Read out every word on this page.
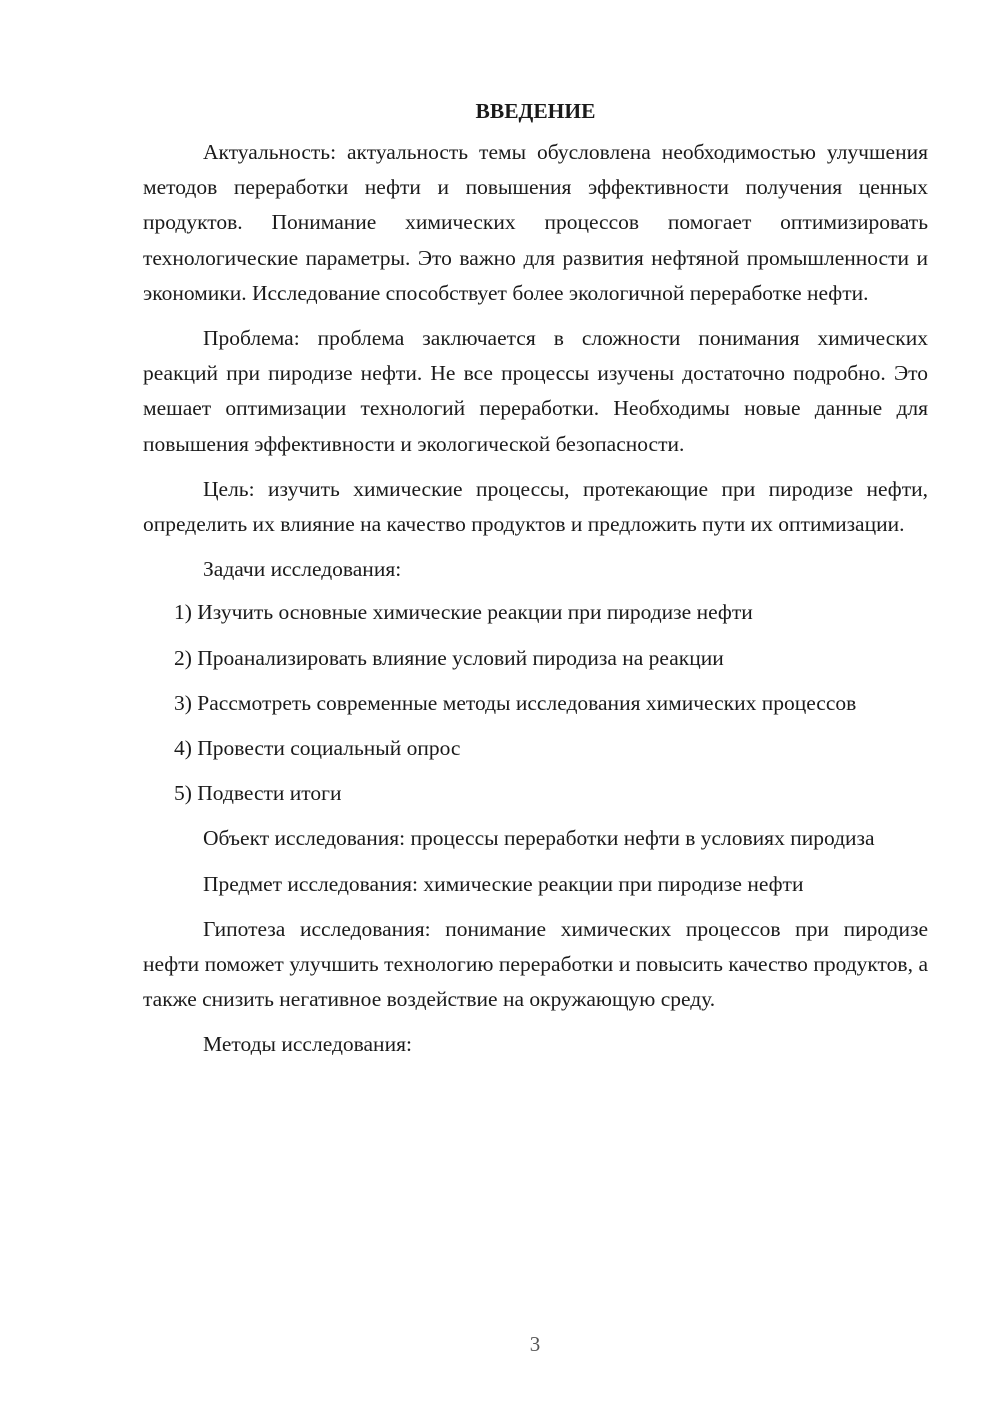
ВВЕДЕНИЕ

Актуальность: актуальность темы обусловлена необходимостью улучшения методов переработки нефти и повышения эффективности получения ценных продуктов. Понимание химических процессов помогает оптимизировать технологические параметры. Это важно для развития нефтяной промышленности и экономики. Исследование способствует более экологичной переработке нефти.

Проблема: проблема заключается в сложности понимания химических реакций при пиродизе нефти. Не все процессы изучены достаточно подробно. Это мешает оптимизации технологий переработки. Необходимы новые данные для повышения эффективности и экологической безопасности.

Цель: изучить химические процессы, протекающие при пиродизе нефти, определить их влияние на качество продуктов и предложить пути их оптимизации.

Задачи исследования:

1) Изучить основные химические реакции при пиродизе нефти

2) Проанализировать влияние условий пиродиза на реакции

3) Рассмотреть современные методы исследования химических процессов

4) Провести социальный опрос

5) Подвести итоги

Объект исследования: процессы переработки нефти в условиях пиродиза

Предмет исследования: химические реакции при пиродизе нефти

Гипотеза исследования: понимание химических процессов при пиродизе нефти поможет улучшить технологию переработки и повысить качество продуктов, а также снизить негативное воздействие на окружающую среду.

Методы исследования:

3
